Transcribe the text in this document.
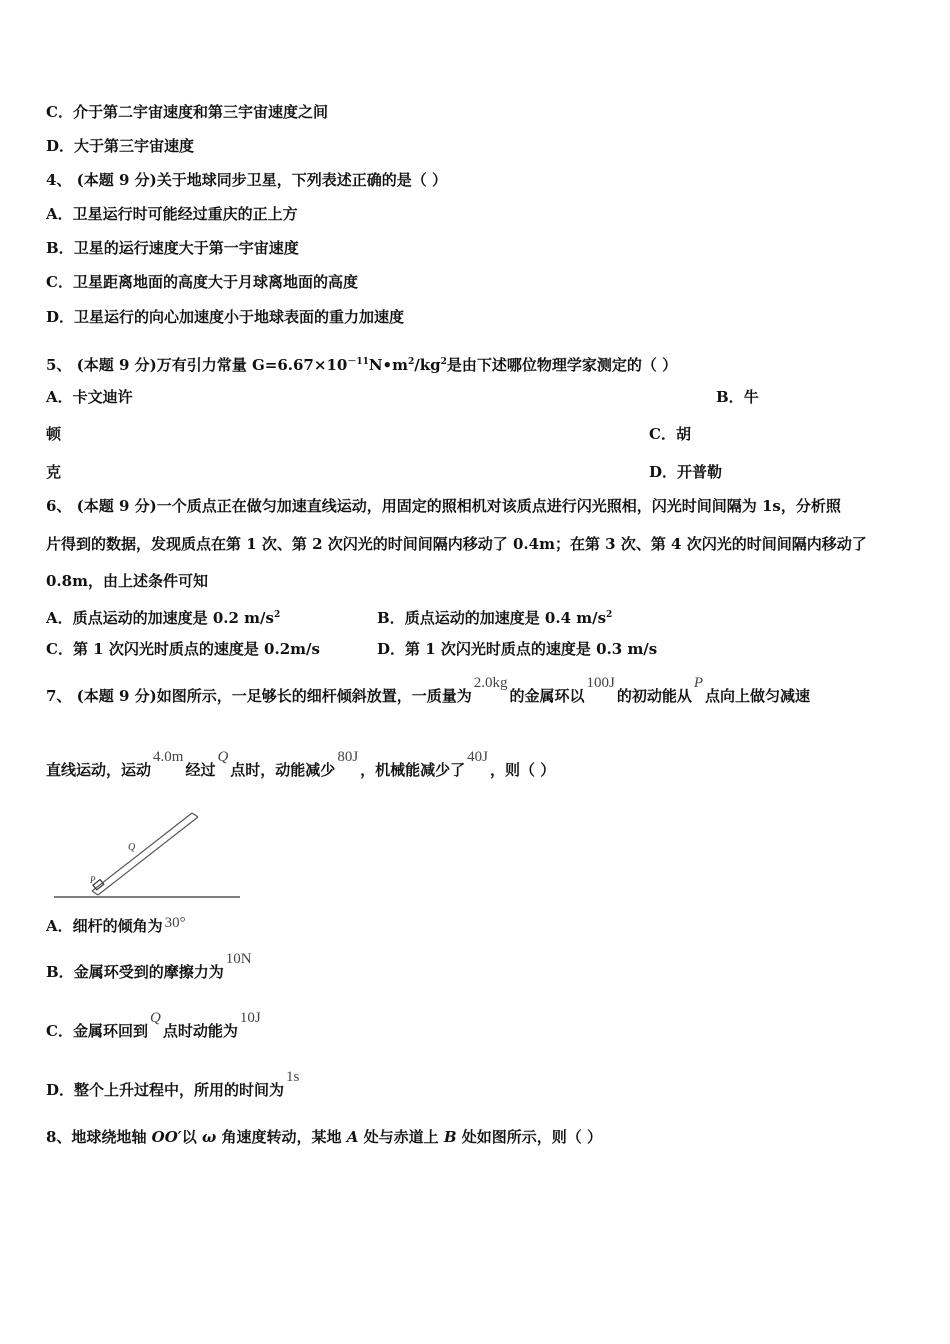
C．介于第二宇宙速度和第三宇宙速度之间
D．大于第三宇宙速度
4、 (本题 9 分)关于地球同步卫星，下列表述正确的是（ ）
A．卫星运行时可能经过重庆的正上方
B．卫星的运行速度大于第一宇宙速度
C．卫星距离地面的高度大于月球离地面的高度
D．卫星运行的向心加速度小于地球表面的重力加速度
5、 (本题 9 分)万有引力常量 $G=6.67\times 10^{-11}N•m^2/kg^2$是由下述哪位物理学家测定的（ ）
A．卡文迪许	B．牛
顿	C．胡
克	D．开普勒
6、 (本题 9 分)一个质点正在做匀加速直线运动，用固定的照相机对该质点进行闪光照相，闪光时间间隔为 1s，分析照
片得到的数据，发现质点在第 1 次、第 2 次闪光的时间间隔内移动了 0.4m；在第 3 次、第 4 次闪光的时间间隔内移动了
0.8m，由上述条件可知
A．质点运动的加速度是 0.2 $m/s^2$	B．质点运动的加速度是 0.4 $m/s^2$
C．第 1 次闪光时质点的速度是 0.2m/s	D．第 1 次闪光时质点的速度是 0.3 m/s
7、 (本题 9 分)如图所示，一足够长的细杆倾斜放置，一质量为2.0kg的金属环以100J的初动能从P点向上做匀减速
直线运动，运动4.0m经过Q点时，动能减少80J，机械能减少了40J，则（ ）
Q
P
A．细杆的倾角为 30°
B．金属环受到的摩擦力为10N
C．金属环回到Q点时动能为10J
D．整个上升过程中，所用的时间为1s
8、地球绕地轴 OO′以 ω 角速度转动，某地 A 处与赤道上 B 处如图所示，则（ ）
